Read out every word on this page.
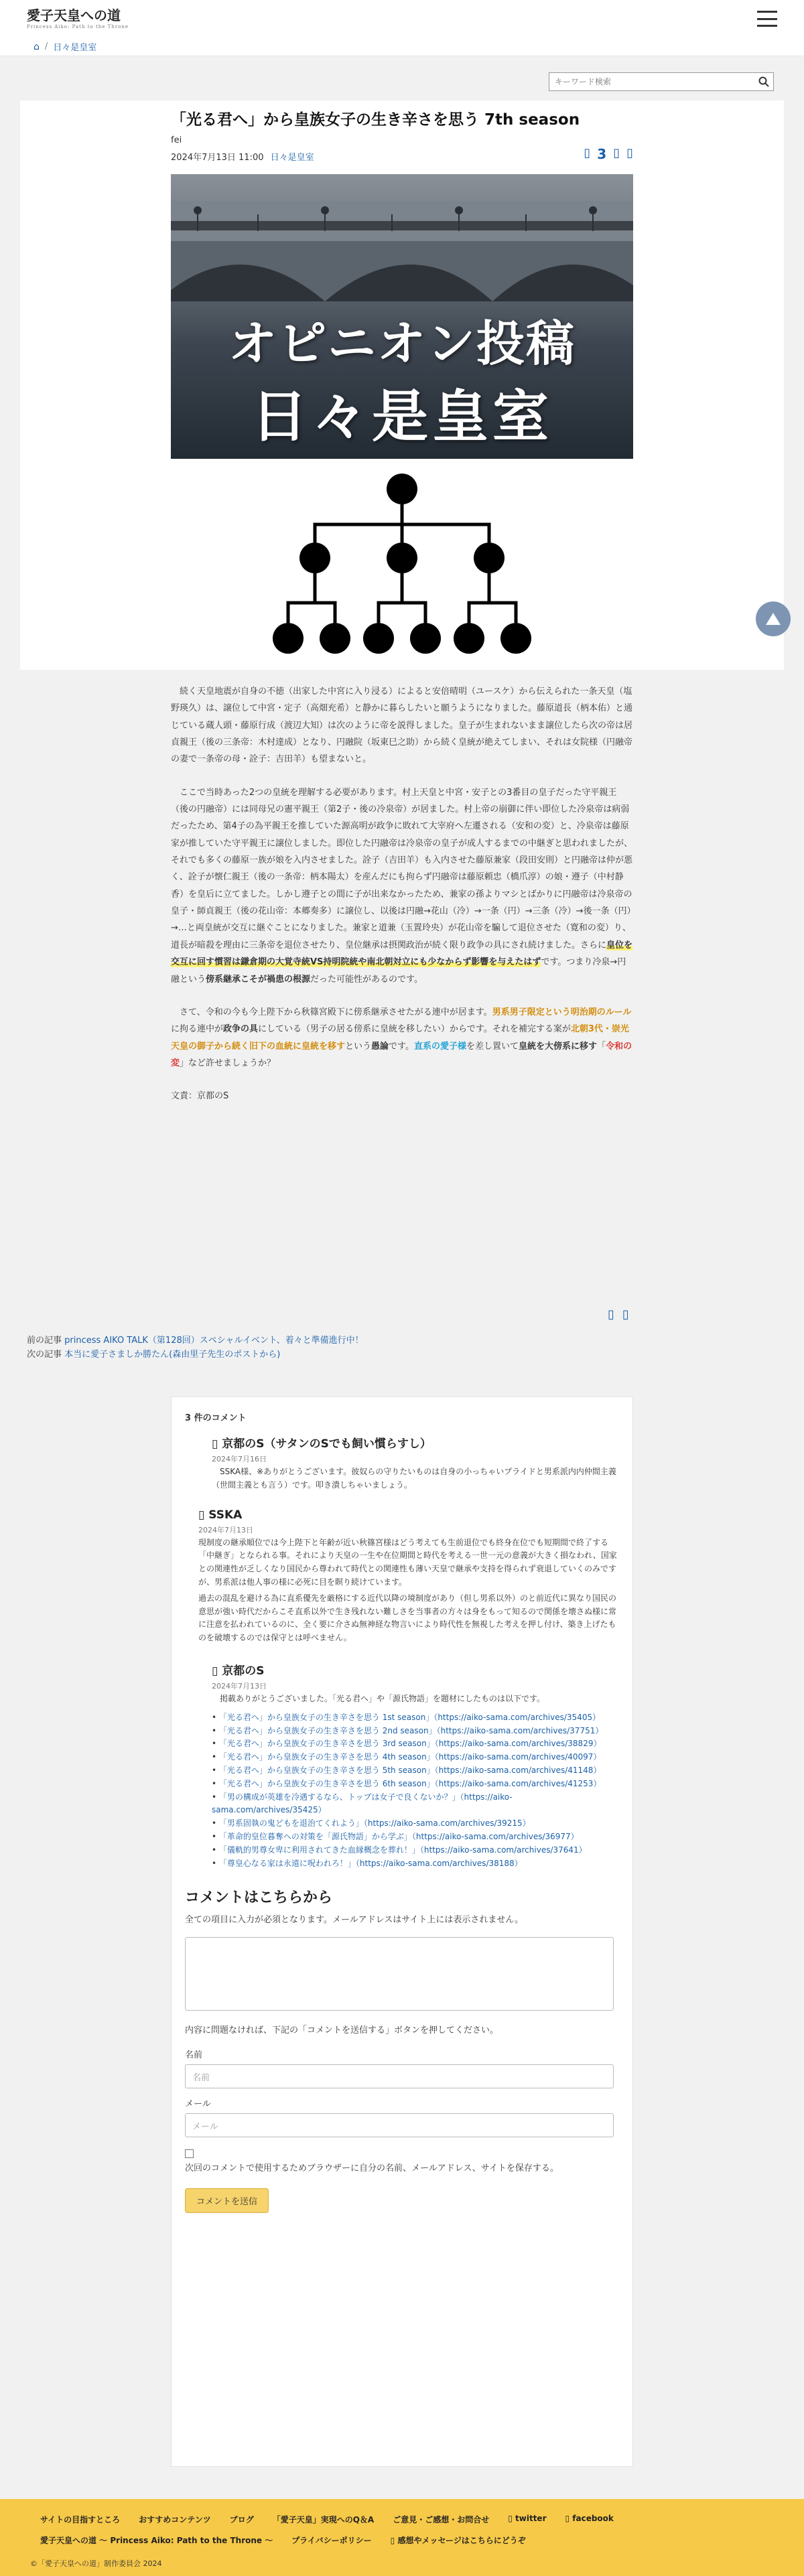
愛子天皇への道
Princess Aiko: Path to the Throne
⌂ / 日々是皇室
キーワード検索
「光る君へ」から皇族女子の生き辛さを思う 7th season
fei
2024年7月13日 11:00 日々是皇室	▯ 3 ▯ ▯
オピニオン投稿
日々是皇室

　続く天皇地震が自身の不徳（出家した中宮に入り浸る）によると安倍晴明（ユースケ）から伝えられた一条天皇（塩野瑛久）は、譲位して中宮・定子（高畑充希）と静かに暮らしたいと願うようになりました。藤原道長（柄本佑）と通じている蔵人頭・藤原行成（渡辺大知）は次のように帝を説得しました。皇子が生まれないまま譲位したら次の帝は居貞親王（後の三条帝：木村達成）となり、円融院（坂東巳之助）から続く皇統が絶えてしまい、それは女院様（円融帝の妻で一条帝の母・詮子：吉田羊）も望まないと。

　ここで当時あった2つの皇統を理解する必要があります。村上天皇と中宮・安子との3番目の皇子だった守平親王（後の円融帝）には同母兄の憲平親王（第2子・後の冷泉帝）が居ました。村上帝の崩御に伴い即位した冷泉帝は病弱だったため、第4子の為平親王を推していた源高明が政争に敗れて大宰府へ左遷される（安和の変）と、冷泉帝は藤原家が推していた守平親王に譲位しました。即位した円融帝は冷泉帝の皇子が成人するまでの中継ぎと思われましたが、それでも多くの藤原一族が娘を入内させました。詮子（吉田羊）も入内させた藤原兼家（段田安則）と円融帝は仲が悪く、詮子が懐仁親王（後の一条帝：柄本陽太）を産んだにも拘らず円融帝は藤原頼忠（橋爪淳）の娘・遵子（中村静香）を皇后に立てました。しかし遵子との間に子が出来なかったため、兼家の孫よりマシとばかりに円融帝は冷泉帝の皇子・師貞親王（後の花山帝：本郷奏多）に譲位し、以後は円融→花山（冷）→一条（円）→三条（冷）→後一条（円）→…と両皇統が交互に継ぐことになりました。兼家と道兼（玉置玲央）が花山帝を騙して退位させた（寛和の変）り、道長が暗殺を理由に三条帝を退位させたり、皇位継承は摂関政治が続く限り政争の具にされ続けました。さらに皇位を交互に回す慣習は鎌倉期の大覚寺統VS持明院統や南北朝対立にも少なからず影響を与えたはずです。つまり冷泉→円融という傍系継承こそが禍患の根源だった可能性があるのです。

　さて、令和の今も今上陛下から秋篠宮殿下に傍系継承させたがる連中が居ます。男系男子限定という明治期のルールに拘る連中が政争の具にしている（男子の居る傍系に皇統を移したい）からです。それを補完する案が北朝3代・崇光天皇の御子から続く旧下の血統に皇統を移すという愚論です。直系の愛子様を差し置いて皇統を大傍系に移す「令和の変」など許せましょうか？

文責：京都のS

▯ ▯
前の記事 princess AIKO TALK（第128回）スペシャルイベント、着々と準備進行中！
次の記事 本当に愛子さましか勝たん(森由里子先生のポストから)
3 件のコメント
▯ 京都のS（サタンのSでも飼い慣らすし）
2024年7月16日
　SSKA様、※ありがとうございます。彼奴らの守りたいものは自身の小っちゃいプライドと男系派内内仲間主義（世間主義とも言う）です。叩き潰しちゃいましょう。
▯ SSKA
2024年7月13日

現制度の継承順位では今上陛下と年齢が近い秋篠宮様はどう考えても生前退位でも終身在位でも短期間で終了する「中継ぎ」となられる事。それにより天皇の一生や在位期間と時代を考える一世一元の意義が大きく損なわれ、国家との関連性が乏しくなり国民から尊われて時代との関連性も薄い天皇で継承や支持を得られず衰退していくのみですが、男系派は他人事の様に必死に目を瞑り続けています。

過去の混乱を避ける為に直系優先を厳格にする近代以降の境制度があり（但し男系以外）のと前近代に異なり国民の意思が強い時代だからこそ直系以外で生き残れない難しさを当事者の方々は身をもって知るので関係を壊さぬ様に常に注意を払われているのに、全く要に介さぬ無神経な物言いにより時代性を無視した考えを押し付け、築き上げたものを破壊するのでは保守とは呼べません。

▯ 京都のS
2024年7月13日
　掲載ありがとうございました。「光る君へ」や「源氏物語」を題材にしたものは以下です。
• 「光る君へ」から皇族女子の生き辛さを思う 1st season」（https://aiko-sama.com/archives/35405）
• 「光る君へ」から皇族女子の生き辛さを思う 2nd season」（https://aiko-sama.com/archives/37751）
• 「光る君へ」から皇族女子の生き辛さを思う 3rd season」（https://aiko-sama.com/archives/38829）
• 「光る君へ」から皇族女子の生き辛さを思う 4th season」（https://aiko-sama.com/archives/40097）
• 「光る君へ」から皇族女子の生き辛さを思う 5th season」（https://aiko-sama.com/archives/41148）
• 「光る君へ」から皇族女子の生き辛さを思う 6th season」（https://aiko-sama.com/archives/41253）
• 「男の構成が英雄を冷遇するなら、トップは女子で良くないか？」（https://aiko-sama.com/archives/35425）
• 「男系固執の鬼どもを退治てくれよう」（https://aiko-sama.com/archives/39215）
• 「革命的皇位暮奪への対策を「源氏物語」から学ぶ」（https://aiko-sama.com/archives/36977）
• 「儀軌的男尊女卑に利用されてきた血縁概念を葬れ！」（https://aiko-sama.com/archives/37641）
• 「尊皇心なる家は永遠に呪われろ！」（https://aiko-sama.com/archives/38188）
コメントはこちらから

全ての項目に入力が必須となります。メールアドレスはサイト上には表示されません。

内容に問題なければ、下記の「コメントを送信する」ボタンを押してください。

名前
名前
メール
メール

次回のコメントで使用するためブラウザーに自分の名前、メールアドレス、サイトを保存する。

コメントを送信
サイトの目指すところ おすすめコンテンツ ブログ 「愛子天皇」実現へのQ＆A ご意見・ご感想・お問合せ ▯ twitter ▯ facebook
愛子天皇への道 〜 Princess Aiko: Path to the Throne 〜 プライバシーポリシー ▯ 感想やメッセージはこちらにどうぞ
©「愛子天皇への道」制作委員会 2024
